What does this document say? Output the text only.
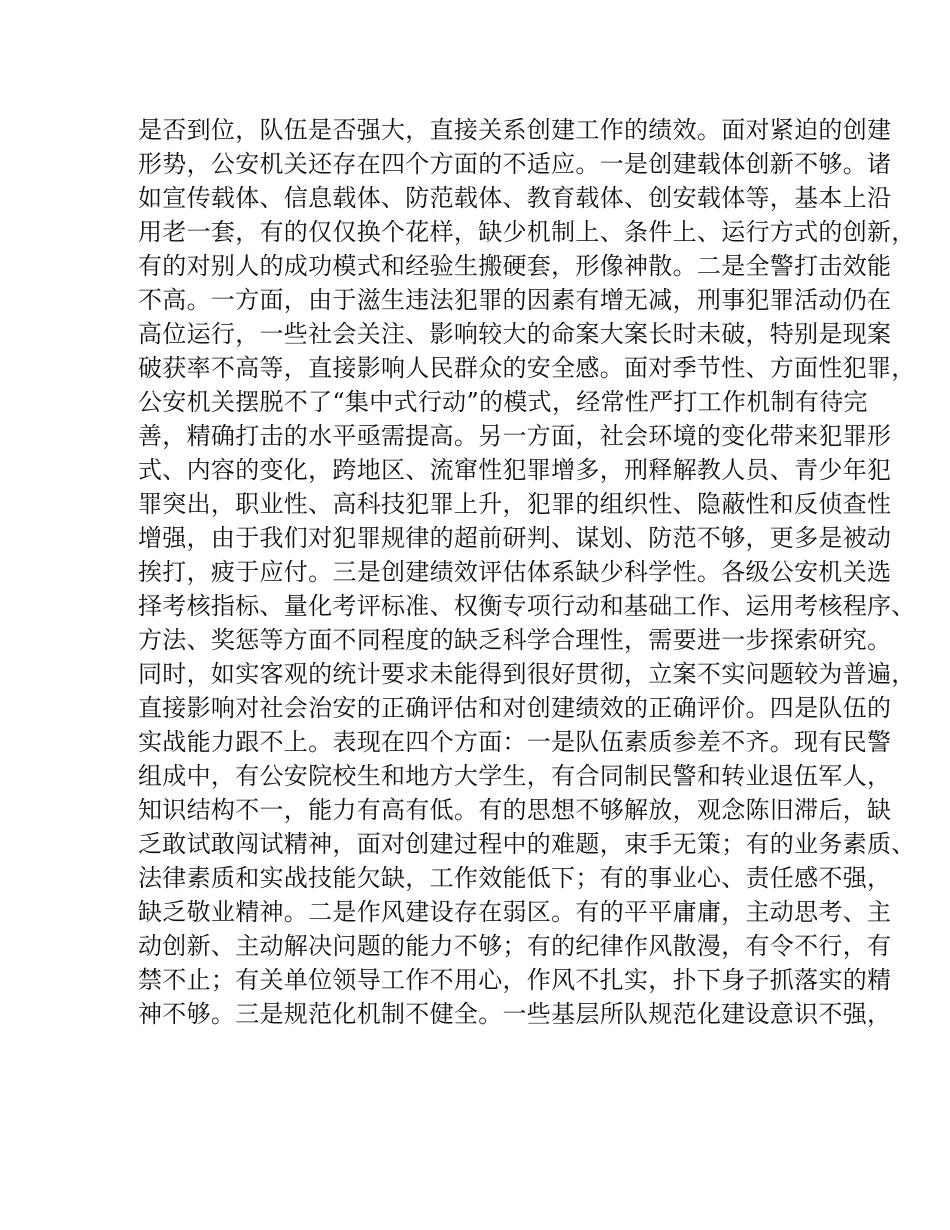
是否到位，队伍是否强大，直接关系创建工作的绩效。面对紧迫的创建
形势，公安机关还存在四个方面的不适应。一是创建载体创新不够。诸
如宣传载体、信息载体、防范载体、教育载体、创安载体等，基本上沿
用老一套，有的仅仅换个花样，缺少机制上、条件上、运行方式的创新，
有的对别人的成功模式和经验生搬硬套，形像神散。二是全警打击效能
不高。一方面，由于滋生违法犯罪的因素有增无减，刑事犯罪活动仍在
高位运行，一些社会关注、影响较大的命案大案长时未破，特别是现案
破获率不高等，直接影响人民群众的安全感。面对季节性、方面性犯罪，
公安机关摆脱不了“集中式行动”的模式，经常性严打工作机制有待完
善，精确打击的水平亟需提高。另一方面，社会环境的变化带来犯罪形
式、内容的变化，跨地区、流窜性犯罪增多，刑释解教人员、青少年犯
罪突出，职业性、高科技犯罪上升，犯罪的组织性、隐蔽性和反侦查性
增强，由于我们对犯罪规律的超前研判、谋划、防范不够，更多是被动
挨打，疲于应付。三是创建绩效评估体系缺少科学性。各级公安机关选
择考核指标、量化考评标准、权衡专项行动和基础工作、运用考核程序、
方法、奖惩等方面不同程度的缺乏科学合理性，需要进一步探索研究。
同时，如实客观的统计要求未能得到很好贯彻，立案不实问题较为普遍，
直接影响对社会治安的正确评估和对创建绩效的正确评价。四是队伍的
实战能力跟不上。表现在四个方面：一是队伍素质参差不齐。现有民警
组成中，有公安院校生和地方大学生，有合同制民警和转业退伍军人，
知识结构不一，能力有高有低。有的思想不够解放，观念陈旧滞后，缺
乏敢试敢闯试精神，面对创建过程中的难题，束手无策；有的业务素质、
法律素质和实战技能欠缺，工作效能低下；有的事业心、责任感不强，
缺乏敬业精神。二是作风建设存在弱区。有的平平庸庸，主动思考、主
动创新、主动解决问题的能力不够；有的纪律作风散漫，有令不行，有
禁不止；有关单位领导工作不用心，作风不扎实，扑下身子抓落实的精
神不够。三是规范化机制不健全。一些基层所队规范化建设意识不强，
